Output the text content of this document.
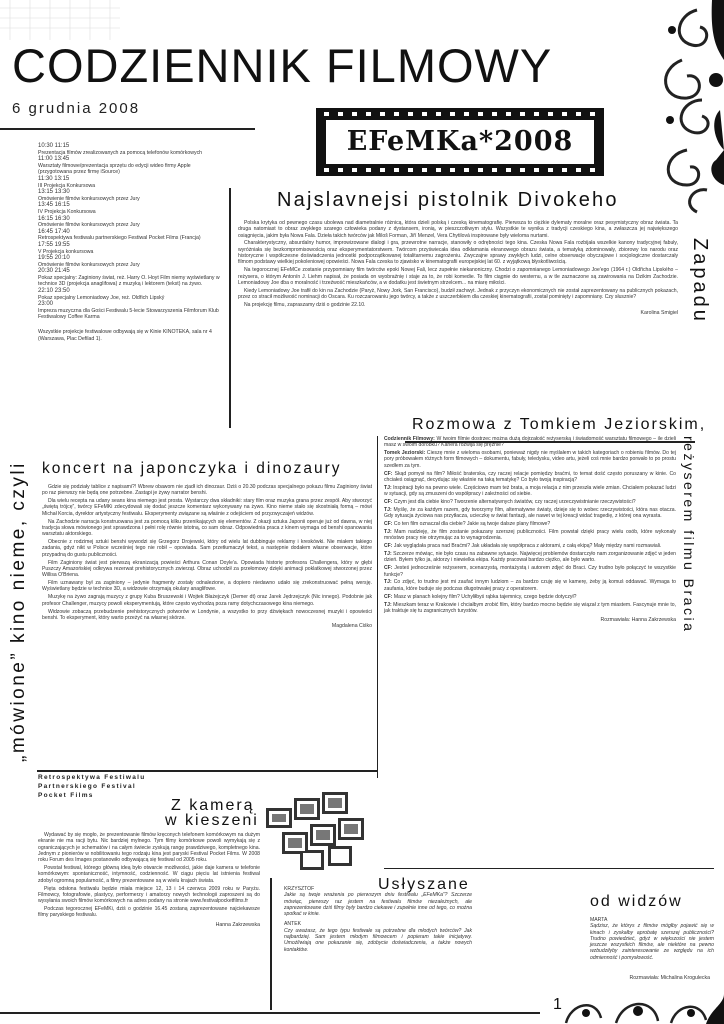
CODZIENNIK FILMOWY
6 grudnia 2008
EFeMKa*2008
10:30 11:15
Prezentacja filmów zrealizowanych za pomocą telefonów komórkowych
11:00 13:45
Warsztaty filmowe/prezentacja sprzętu do edycji wideo firmy Apple (przygotowana przez firmę iSource)
11:30 13:15
III Projekcja Konkursowa
13:15 13:30
Omówienie filmów konkursowych przez Jury
13:45 16:15
IV Projekcja Konkursowa
16:15 16:30
Omówienie filmów konkursowych przez Jury
16:45 17:40
Retrospektywa festiwalu partnerskiego Festiwal Pocket Films (Francja)
17:55 19:55
V Projekcja konkursowa
19:55 20:10
Omówienie filmów konkursowych przez Jury
20:30 21:45
Pokaz specjalny: Zaginiony świat, reż. Harry O. Hoyt Film niemy wyświetlany w technice 3D (projekcja anaglifowa) z muzyką i lektorem (tekst) na żywo.
22:10 23:50
Pokaz specjalny Lemoniadowy Joe, reż. Oldřich Lipský
23:00
Impreza muzyczna dla Gości Festiwalu 5-lecie Stowarzyszenia Filmforum Klub Festiwalowy Coffee Karma
Wszystkie projekcje festiwalowe odbywają się w Kinie KINOTEKA, sala nr 4 (Warszawa, Plac Defilad 1).
Najslavnejsi pistolnik Divokeho
Zapadu

Polska krytyka od pewnego czasu ubolewa nad diametralnie różnicą, która dzieli polską i czeską kinematografię. Pierwsza to ciężkie dylematy moralne oraz pesymistyczny obraz świata. Ta druga natomiast to obraz zwykłego szarego człowieka podany z dystansem, ironią, w pieszczotliwym stylu. Wszystkie te wynika z tradycji czeskiego kina, a zwłaszcza jej największego osiągnięcia, jakim była Nowa Fala. Dzieła takich twórców jak Miloš Forman, Jiří Menzel, Vera Chytilová inspirowane były wieloma nurtami.

Charakterystyczny, absurdalny humor, improwizowane dialogi i gra, przewrotne narracje, stanowiły o odrębności tego kina. Czeska Nowa Fala rozbijała wszelkie kanony tradycyjnej fabuły, wyróżniała się bezkompromisowością oraz eksperymentatorstwem. Twórcom przyświecała idea odkłamania ekranowego obrazu świata, a tematyką zdominowały, zbiorowy los narodu oraz historyczne i współczesne doświadczenia jednostki podporządkowanej totalitarnemu zagrożeniu. Zwyczajne sprawy zwykłych ludzi, celne obserwacje obyczajowe i socjologiczne dostarczały filmom podstawy wielkiej pokoleniowej opowieści. Nowa Fala czeska to zjawisko w kinematografii europejskiej lat 60. z wyjątkową błyskotliwością.

Na tegorocznej EFeMCe zostanie przypomniany film twórców epoki Nowej Fali, lecz zupełnie niekanoniczny. Chodzi o zapomnianego Lemoniadowego Joe'ego (1964 r.) Oldřicha Lipského – reżysera, o którym Antonín J. Liehm napisał, że posiada on wyobraźnię i staje za to, że robi komedie. To film ciągnie do westernu, a w tle zaznaczone są zawirowania na Dzikim Zachodzie. Lemoniadowy Joe dba o moralność i trzeźwość mieszkańców, a w dodatku jest świetnym strzelcem... na miarę miłości.

Kiedy Lemoniadowy Joe trafił do kin na Zachodzie (Paryż, Nowy Jork, San Francisco), budził zachwyt. Jednak z przyczyn ekonomicznych nie został zaprezentowany na publicznych pokazach, przez co stracił możliwość nominacji do Oscara. Ku rozczarowaniu jego twórcy, a także z uszczerbkiem dla czeskiej kinematografii, został pominięty i zapomniany. Czy słusznie?

Na projekcję filmu, zapraszamy dziś o godzinie 22.10.

Karolina Smigiel
„mówione” kino nieme, czyli koncert na japonczyka i dinozaury

Gdzie się podziały tablice z napisami?! Wbrew obawom nie zjadł ich dinozaur. Dziś o 20.30 podczas specjalnego pokazu filmu Zaginiony świat po raz pierwszy nie będą one potrzebne. Zastąpi je żywy narrator benshi.

Dla wielu recepta na udany seans kina niemego jest prosta. Wystarczy dwa składniki: stary film oraz muzyka grana przez zespół. Aby stworzyć „świętą trójcę”, twórcy EFeMKi zdecydowali się dodać jeszcze komentarz wykonywany na żywo. Kino nieme stało się skostniałą formą – mówi Michał Korcia, dyrektor artystyczny festiwalu. Eksperymenty związane są właśnie z odejściem od przyzwyczajeń widzów.

Na Zachodzie narracja konstruowana jest za pomocą kilku przenikających się elementów. Z okazji sztuka Japonii operuje już od dawna, w niej tradycja słowa mówionego jest sprawdzona i pełni rolę równie istotną, co sam obraz. Odpowiednia praca z kinem wymaga od benshi opanowania warsztatu aktorskiego.

Obecnie z rodzimej sztuki benshi wywodzi się Grzegorz Drojewski, który od wielu lat dubbinguje reklamy i kreskówki. Nie miałem takiego zadania, gdyż nikt w Polsce wcześniej tego nie robił – opowiada. Sam przetłumaczył tekst, a następnie dodałem własne obserwacje, które przypadną do gustu publiczności.

Film Zaginiony świat jest pierwszą ekranizacją powieści Arthura Conan Doyle'a. Opowiada historię profesora Challengera, który w głębi Puszczy Amazońskiej odkrywa rezerwat prehistorycznych zwierząt. Obraz uchodził za przełomowy dzięki animacji poklatkowej stworzonej przez Willisa O'Briena.

Film uznawany był za zaginiony – jedynie fragmenty zostały odnalezione, a dopiero niedawno udało się zrekonstruować pełną wersję. Wyświetlany będzie w technice 3D, a widzowie otrzymają okulary anaglifowe.

Muzykę na żywo zagrają muzycy z grupy Kuba Bruszewski i Wojtek Błażejczyk (Demer dt) oraz Jarek Jędrzejczyk (Nic innego). Podobnie jak profesor Challenger, muzycy powoli eksperymentują, które często wychodzą poza ramy dotychczasowego kina niemego.

Widzowie zobaczą przebudzenie prehistorycznych potworów w Londynie, a wszystko to przy dźwiękach nowoczesnej muzyki i opowieści benshi. To eksperyment, który warto przeżyć na własnej skórze.

Magdalena Ciśko
Rozmowa z Tomkiem Jeziorskim,
reżyserem filmu Bracia

Codziennik Filmowy: W twoim filmie dostrzec można dużą dojrzałość reżyserską i świadomość warsztatu filmowego – ile dzieli masz w swoim dorobku? Kariera rozwija się prężnie?

Tomek Jeziorski: Cieszę mnie z wieloma osobami, ponieważ nigdy nie myślałem w takich kategoriach o robieniu filmów. Do tej pory próbowałem różnych form filmowych – dokumentu, fabuły, teledysku, video artu, jeżeli coś mnie bardzo porwało to po prostu szedłem za tym.

CF: Skąd pomysł na film? Miłość braterska, czy raczej relacje pomiędzy braćmi, to temat dość często poruszany w kinie. Co chciałeś osiągnąć, decydując się właśnie na taką tematykę? Co było twoją inspiracją?

TJ: Inspiracji było na pewno wiele. Częściowo mam też brata, a moja relacja z nim przeszła wiele zmian. Chciałem pokazać ludzi w sytuacji, gdy są zmuszeni do współpracy i zależności od siebie.

CF: Czym jest dla ciebie kino? Tworzenie alternatywnych światów, czy raczej urzeczywistnianie rzeczywistości?

TJ: Myślę, że za każdym razem, gdy tworzymy film, alternatywne światy, dzieje się to wobec rzeczywistości, która nas otacza. Gdy sytuacja życiowa nas przytłacza, ucieczkę w świat fantazji, ale nawet w tej kreacji widać tragedię, z której ona wyrasta.

CF: Co ten film oznaczał dla ciebie? Jakie są twoje dalsze plany filmowe?

TJ: Mam nadzieję, że film zostanie pokazany szerszej publiczności. Film powstał dzięki pracy wielu osób, które wykonały mnóstwo pracy nie otrzymując za to wynagrodzenia.

CF: Jak wyglądała praca nad Braćmi? Jak układała się współpraca z aktorami, z całą ekipą? Mały między nami rozmawiali.

TJ: Szczerze mówiąc, nie było czasu na zabawne sytuacje. Najwięcej problemów dostarczyło nam zorganizowanie zdjęć w jeden dzień. Byłem tylko ja, aktorzy i niewielka ekipa. Każdy pracował bardzo ciężko, ale było warto.

CF: Jesteś jednocześnie reżyserem, scenarzystą, montażystą i autorem zdjęć do Braci. Czy trudno było połączyć te wszystkie funkcje?

TJ: Co zdjęć, to trudno jest mi zaufać innym ludziom – za bardzo czuję się w kamerę, żeby ją komuś oddawać. Wymaga to zaufania, które buduje się podczas długotrwałej pracy z operatorem.

CF: Masz w planach kolejny film? Uchyliłbyś rąbka tajemnicy, czego będzie dotyczył?

TJ: Mieszkam teraz w Krakowie i chciałbym zrobić film, który bardzo mocno będzie się wiązał z tym miastem. Fascynuje mnie to, jak traktuje się tu zagranicznych turystów.

Rozmawiała: Hanna Zakrzewska
Retrospektywa Festiwalu Partnerskiego Festival Pocket Films
Z kamerą
w kieszeni

Wydawać by się mogło, że prezentowanie filmów kręconych telefonem komórkowym na dużym ekranie nie ma racji bytu. Nic bardziej mylnego. Tym filmy komórkowe powoli wymykają się z ograniczających je schematów i na całym świecie zyskują rangę prawdziwego, kompletnego kina. Jednym z pionierów w nobilitowaniu tego rodzaju kina jest paryski Festival Pocket Films. W 2008 roku Forum des Images postanowiło odbywającą się festiwal od 2005 roku.

Powstał festiwal, którego główną ideą było otwarcie możliwości, jakie daje kamera w telefonie komórkowym: spontaniczność, intymność, codzienność. W ciągu pięciu lat istnienia festiwal zdobył ogromną popularność, a filmy prezentowane są w wielu krajach świata.

Pięta odsłona festiwalu będzie miała miejsce 12, 13 i 14 czerwca 2009 roku w Paryżu. Filmowcy, fotografowie, plastycy, performerzy i amatorzy nowych technologii zaproszeni są do wysyłania swoich filmów komórkowych na adres podany na stronie www.festivalpocketfilms.fr

Podczas tegorocznej EFeMKi, dziś o godzinie 16.45 zostaną zaprezentowane najciekawsze filmy paryskiego festiwalu.

Hanna Zakrzewska
Usłyszane
od widzów
KRZYSZTOF
Jakie są twoje wrażenia po pierwszym dniu festiwalu „EFeMKa”? Szczerze mówiąc, pierwszy raz jestem na festiwalu filmów niezależnych, ale zaprezentowane dziś filmy były bardzo ciekawe i zupełnie inne od tego, co można spotkać w kinie.
ANTEK
Czy uważasz, że tego typu festiwale są potrzebne dla młodych twórców? Jak najbardziej. Sam jestem młodym filmowcem i popieram takie inicjatywy. Umożliwiają one pokazanie się, zdobycie doświadczenia, a także nowych kontaktów.
MARTA
Sądzisz, że którys z filmów mógłby pojawić się w kinach i zyskałby aprobatę szerszej publiczności? Trudno powiedzieć, gdyż w większości nie jestem jeszcze wszystkich filmów, ale niektóre na pewno wzbudziłyby zainteresowanie ze względu na ich odmienność i pomysłowość.
Rozmawiała: Michalina Krogulecka
1
